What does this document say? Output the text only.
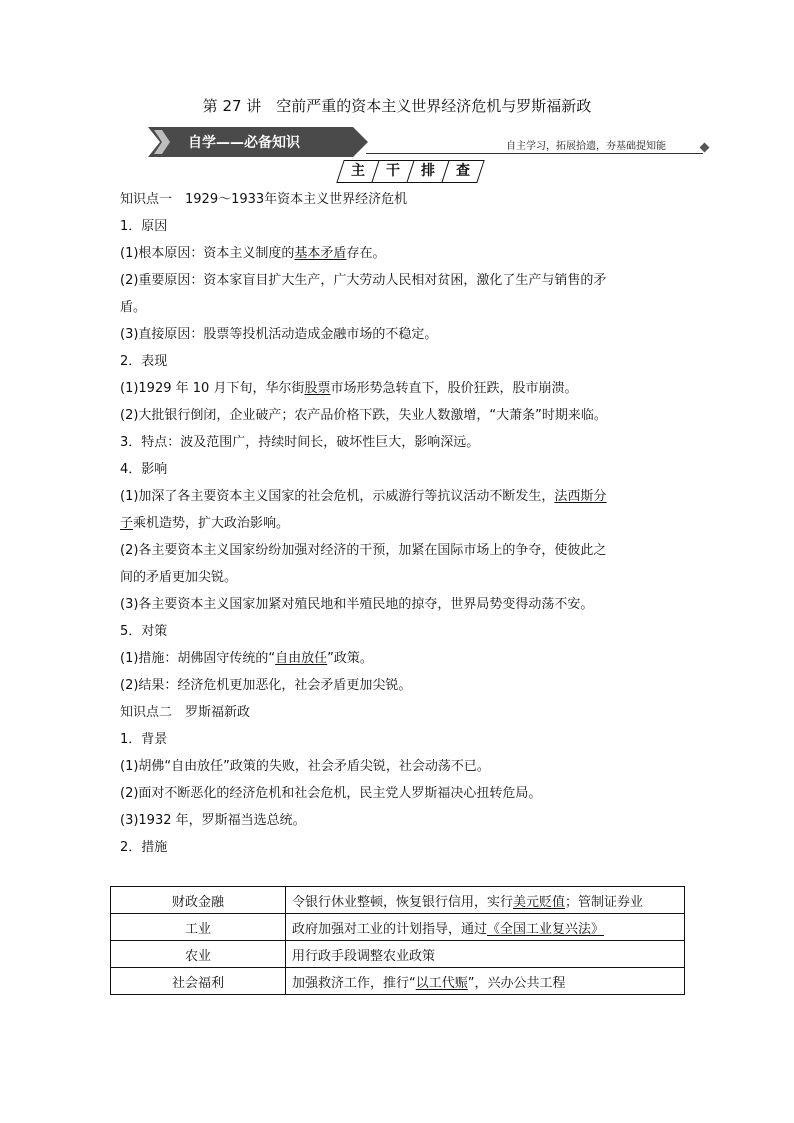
第 27 讲　空前严重的资本主义世界经济危机与罗斯福新政
自学——必备知识	自主学习，拓展拾遗，夯基础提知能
主	干	排	查
知识点一　1929～1933年资本主义世界经济危机
1．原因
(1)根本原因：资本主义制度的基本矛盾存在。
(2)重要原因：资本家盲目扩大生产，广大劳动人民相对贫困，激化了生产与销售的矛
盾。
(3)直接原因：股票等投机活动造成金融市场的不稳定。
2．表现
(1)1929 年 10 月下旬，华尔街股票市场形势急转直下，股价狂跌，股市崩溃。
(2)大批银行倒闭，企业破产；农产品价格下跌，失业人数激增，“大萧条”时期来临。
3．特点：波及范围广，持续时间长，破坏性巨大，影响深远。
4．影响
(1)加深了各主要资本主义国家的社会危机，示威游行等抗议活动不断发生，法西斯分
子乘机造势，扩大政治影响。
(2)各主要资本主义国家纷纷加强对经济的干预，加紧在国际市场上的争夺，使彼此之
间的矛盾更加尖锐。
(3)各主要资本主义国家加紧对殖民地和半殖民地的掠夺，世界局势变得动荡不安。
5．对策
(1)措施：胡佛固守传统的“自由放任”政策。
(2)结果：经济危机更加恶化，社会矛盾更加尖锐。
知识点二　罗斯福新政
1．背景
(1)胡佛“自由放任”政策的失败，社会矛盾尖锐，社会动荡不已。
(2)面对不断恶化的经济危机和社会危机，民主党人罗斯福决心扭转危局。
(3)1932 年，罗斯福当选总统。
2．措施
财政金融	令银行休业整顿，恢复银行信用，实行美元贬值；管制证券业
工业	政府加强对工业的计划指导，通过《全国工业复兴法》
农业	用行政手段调整农业政策
社会福利	加强救济工作，推行“以工代赈”，兴办公共工程
